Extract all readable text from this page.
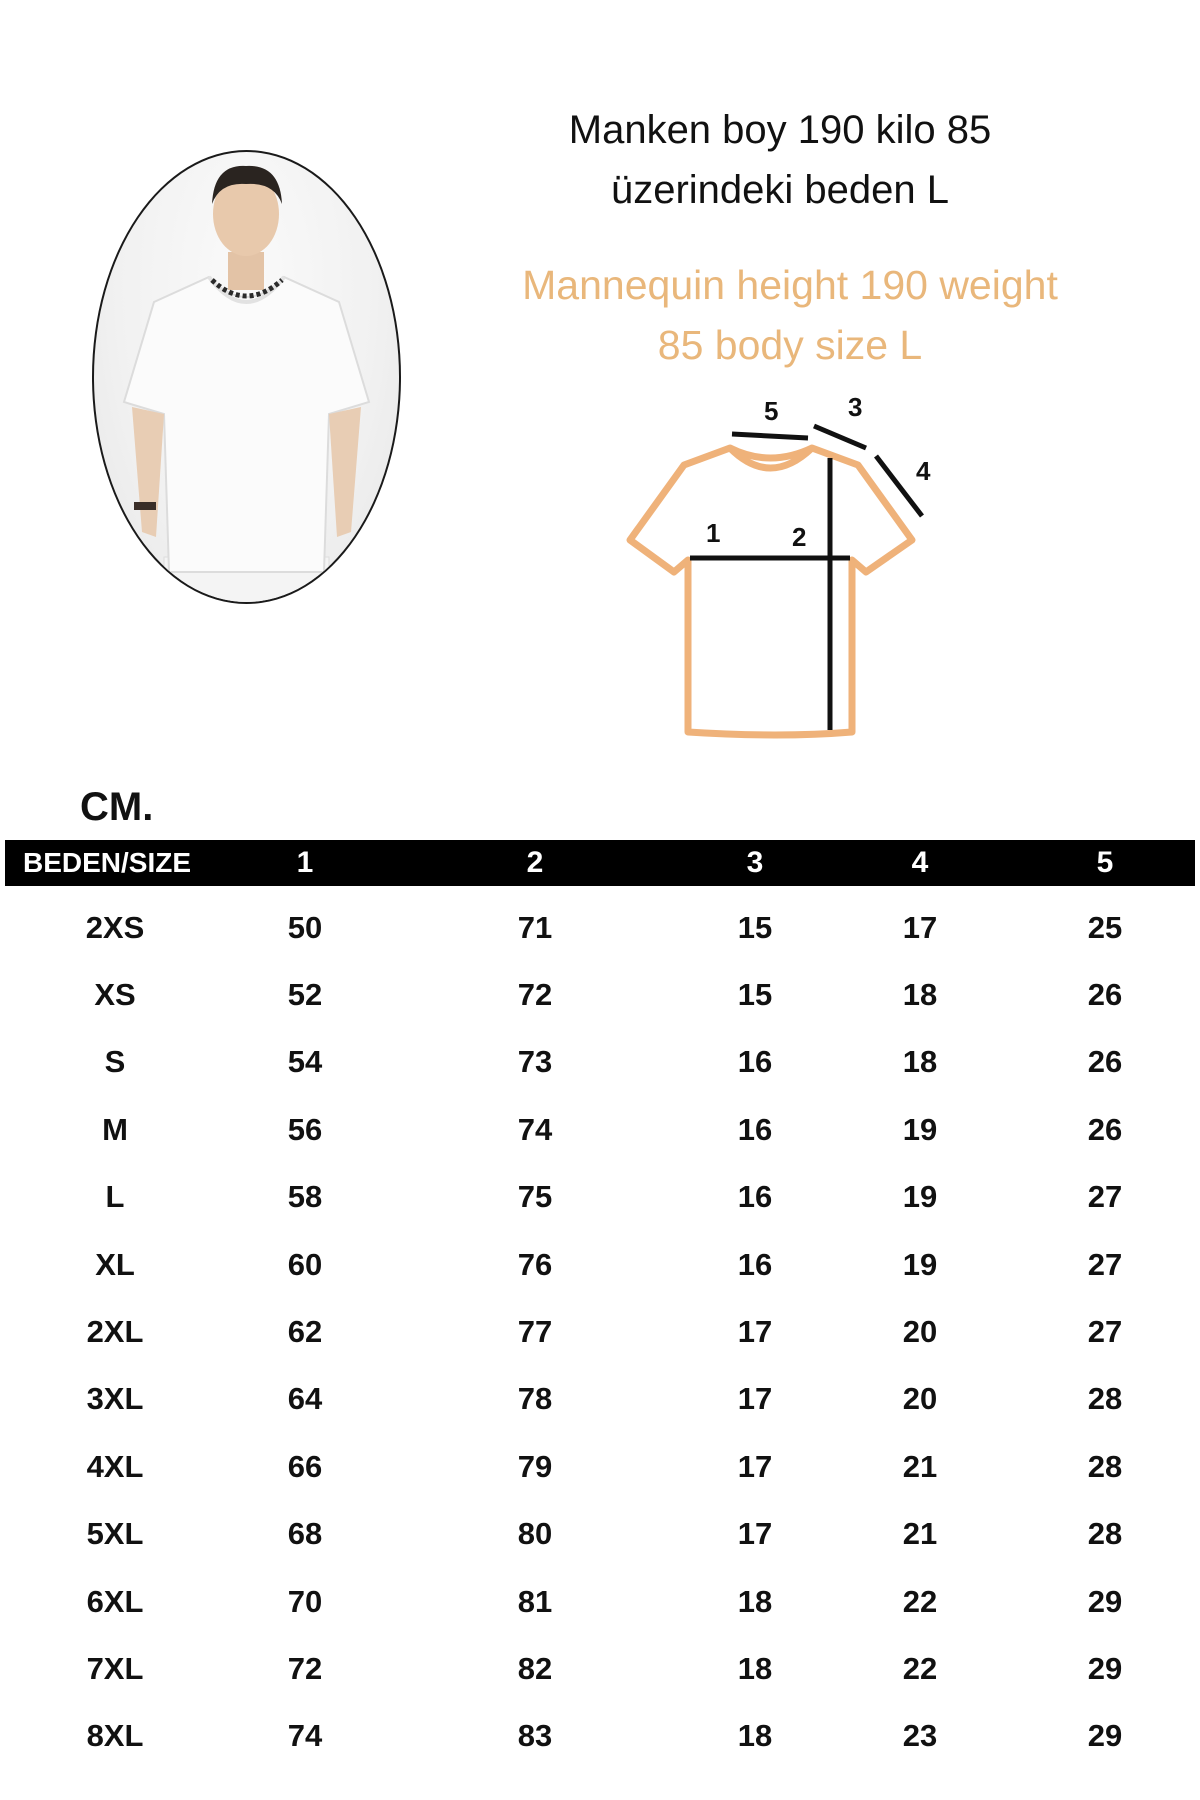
Manken boy 190 kilo 85
üzerindeki beden L
Mannequin height 190 weight
85 body size L
1	2
3
4
5
CM.
BEDEN/SIZE	1	2	3	4	5
2XS	50	71	15	17	25
XS	52	72	15	18	26
S	54	73	16	18	26
M	56	74	16	19	26
L	58	75	16	19	27
XL	60	76	16	19	27
2XL	62	77	17	20	27
3XL	64	78	17	20	28
4XL	66	79	17	21	28
5XL	68	80	17	21	28
6XL	70	81	18	22	29
7XL	72	82	18	22	29
8XL	74	83	18	23	29
